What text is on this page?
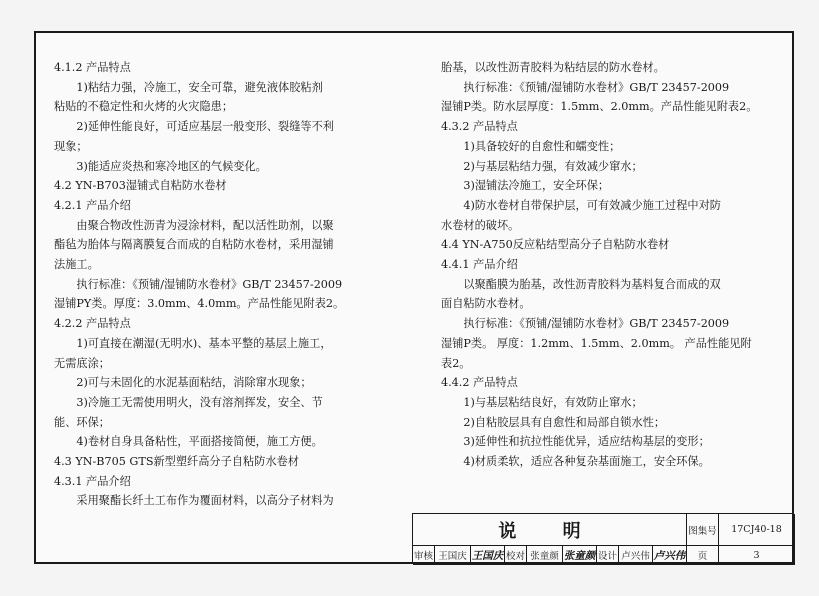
4.1.2 产品特点
1)粘结力强，冷施工，安全可靠，避免液体胶粘剂
粘贴的不稳定性和火烤的火灾隐患；
2)延伸性能良好，可适应基层一般变形、裂缝等不利
现象；
3)能适应炎热和寒冷地区的气候变化。
4.2 YN-B703湿铺式自粘防水卷材
4.2.1 产品介绍
由聚合物改性沥青为浸涂材料，配以活性助剂，以聚
酯毡为胎体与隔离膜复合而成的自粘防水卷材，采用湿铺
法施工。
执行标准：《预铺/湿铺防水卷材》GB/T 23457-2009
湿铺PY类。厚度：3.0mm、4.0mm。产品性能见附表2。
4.2.2 产品特点
1)可直接在潮湿(无明水)、基本平整的基层上施工，
无需底涂；
2)可与未固化的水泥基面粘结，消除窜水现象；
3)冷施工无需使用明火，没有溶剂挥发，安全、节
能、环保；
4)卷材自身具备粘性，平面搭接简便，施工方便。
4.3 YN-B705 GTS新型塑纤高分子自粘防水卷材
4.3.1 产品介绍
采用聚酯长纤土工布作为覆面材料，以高分子材料为
胎基，以改性沥青胶料为粘结层的防水卷材。
执行标准：《预铺/湿铺防水卷材》GB/T 23457-2009
湿铺P类。防水层厚度：1.5mm、2.0mm。产品性能见附表2。
4.3.2 产品特点
1)具备较好的自愈性和蠕变性；
2)与基层粘结力强，有效减少窜水；
3)湿铺法冷施工，安全环保；
4)防水卷材自带保护层，可有效减少施工过程中对防
水卷材的破坏。
4.4 YN-A750反应粘结型高分子自粘防水卷材
4.4.1 产品介绍
以聚酯膜为胎基，改性沥青胶料为基料复合而成的双
面自粘防水卷材。
执行标准：《预铺/湿铺防水卷材》GB/T 23457-2009
湿铺P类。 厚度：1.2mm、1.5mm、2.0mm。 产品性能见附
表2。
4.4.2 产品特点
1)与基层粘结良好，有效防止窜水；
2)自粘胶层具有自愈性和局部自锁水性；
3)延伸性和抗拉性能优异，适应结构基层的变形；
4)材质柔软，适应各种复杂基面施工，安全环保。
说 明	图集号	17CJ40-18
审核 王国庆 王国庆 校对 张童颜 张童颜 设计 卢兴伟 卢兴伟	页	3
